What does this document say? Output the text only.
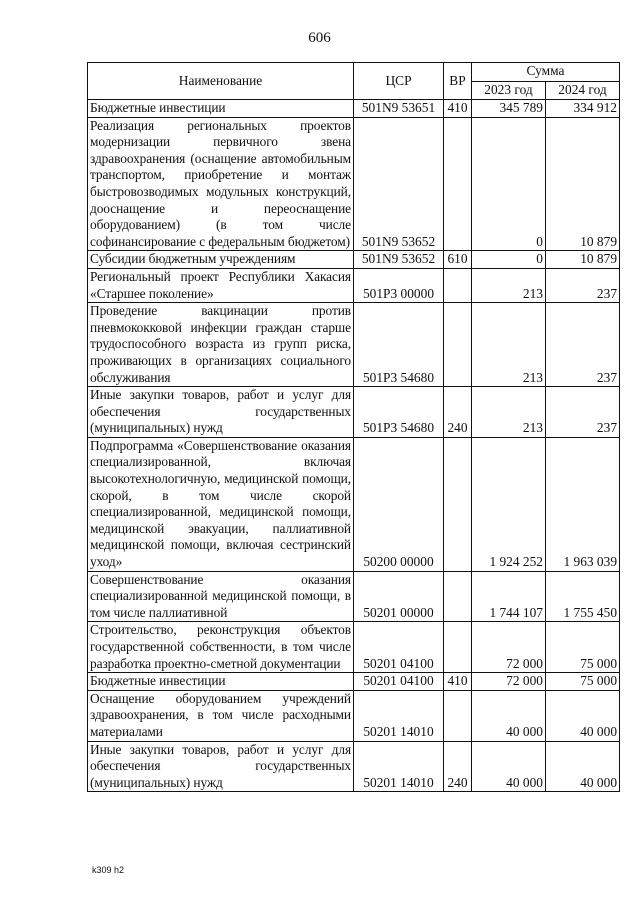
606
Наименование	ЦСР	ВР	Сумма	
			2023 год	2024 год
Бюджетные инвестиции	501N9 53651	410	345 789	334 912
Реализация региональных проектов модернизации первичного звена здравоохранения (оснащение автомобильным транспортом, приобретение и монтаж быстровозводимых модульных конструкций, дооснащение и переоснащение оборудованием) (в том числе софинансирование с федеральным бюджетом)	501N9 53652		0	10 879
Субсидии бюджетным учреждениям	501N9 53652	610	0	10 879
Региональный проект Республики Хакасия «Старшее поколение»	501P3 00000		213	237
Проведение вакцинации против пневмококковой инфекции граждан старше трудоспособного возраста из групп риска, проживающих в организациях социального обслуживания	501P3 54680		213	237
Иные закупки товаров, работ и услуг для обеспечения государственных (муниципальных) нужд	501P3 54680	240	213	237
Подпрограмма «Совершенствование оказания специализированной, включая высокотехнологичную, медицинской помощи, скорой, в том числе скорой специализированной, медицинской помощи, медицинской эвакуации, паллиативной медицинской помощи, включая сестринский уход»	50200 00000		1 924 252	1 963 039
Совершенствование оказания специализированной медицинской помощи, в том числе паллиативной	50201 00000		1 744 107	1 755 450
Строительство, реконструкция объектов государственной собственности, в том числе разработка проектно-сметной документации	50201 04100		72 000	75 000
Бюджетные инвестиции	50201 04100	410	72 000	75 000
Оснащение оборудованием учреждений здравоохранения, в том числе расходными материалами	50201 14010		40 000	40 000
Иные закупки товаров, работ и услуг для обеспечения государственных (муниципальных) нужд	50201 14010	240	40 000	40 000
k309 h2
